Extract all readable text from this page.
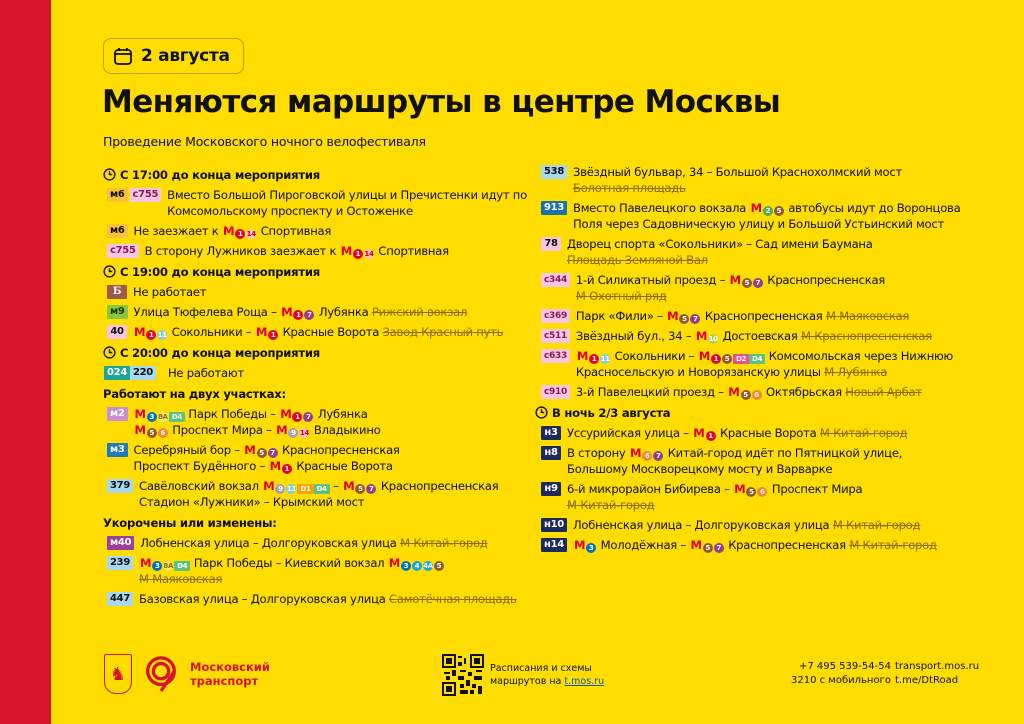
2 августа
Меняются маршруты в центре Москвы
Проведение Московского ночного велофестиваля
С 17:00 до конца мероприятия
м6 с755 Вместо Большой Пироговской улицы и Пречистенки идут по Комсомольскому проспекту и Остоженке
м6 Не заезжает к М 1 14 Спортивная
с755 В сторону Лужников заезжает к М 1 14 Спортивная
С 19:00 до конца мероприятия
Б	Не работает
м9 Улица Тюфелева Роща – М 1 7 Лубянка Рижский вокзал
40 М 1 11 Сокольники – М 1 Красные Ворота Завод Красный путь
С 20:00 до конца мероприятия
024 220	Не работают
Работают на двух участках:
м2 М 3 8A D4 Парк Победы – М 1 7 Лубянка
М 5 6 Проспект Мира – М 9 14 Владыкино
м3 Серебряный бор – М 5 7 Краснопресненская
Проспект Будённого – М 1 Красные Ворота
379 Савёловский вокзал М 9 11 D1 D4 – М 5 7 Краснопресненская
Стадион «Лужники» – Крымский мост
Укорочены или изменены:
м40 Лобненская улица – Долгоруковская улица М Китай-город
239 М 3 8A D4 Парк Победы – Киевский вокзал М 3 4 4A 5
М Маяковская
447 Базовская улица – Долгоруковская улица Самотёчная площадь
538 Звёздный бульвар, 34 – Большой Краснохолмский мост
Болотная площадь
913 Вместо Павелецкого вокзала М 2 5 автобусы идут до Воронцова Поля через Садовническую улицу и Большой Устьинский мост
78 Дворец спорта «Сокольники» – Сад имени Баумана
Площадь Земляной Вал
с344 1-й Силикатный проезд – М 5 7 Краснопресненская
М Охотный ряд
с369 Парк «Фили» – М 5 7 Краснопресненская М Маяковская
с511 Звёздный бул., 34 – М10 Достоевская М Краснопресненская
с633 М 1 11 Сокольники – М 1 5 D2 D4 Комсомольская через Нижнюю Красносельскую и Новорязанскую улицы М Лубянка
с910 3-й Павелецкий проезд – М 5 6 Октябрьская Новый Арбат
В ночь 2/3 августа
н3 Уссурийская улица – М 1 Красные Ворота М Китай-город
н8 В сторону М 6 7 Китай-город идёт по Пятницкой улице, Большому Москворецкому мосту и Варварке
н9 6-й микрорайон Бибирева – М 5 6 Проспект Мира
М Китай-город
н10 Лобненская улица – Долгоруковская улица М Китай-город
н14 М 3 Молодёжная – М 5 7 Краснопресненская М Китай-город
♞	Московский
транспорт
Расписания и схемы
маршрутов на t.mos.ru
+7 495 539-54-54
3210 с мобильного
transport.mos.ru
t.me/DtRoad
